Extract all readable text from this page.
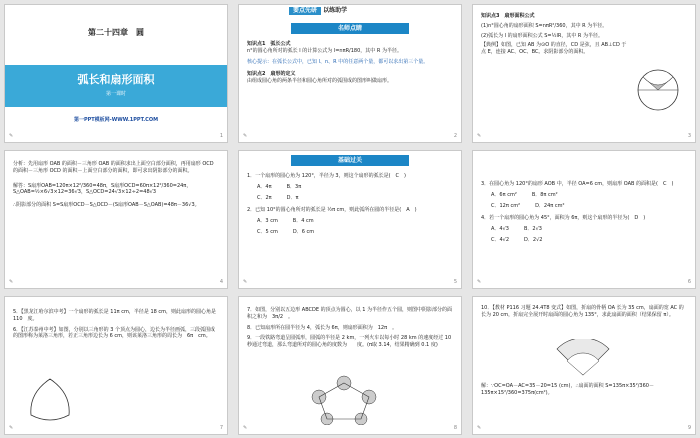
第二十四章　圆
弧长和扇形面积
第一课时
第一PPT模板网-WWW.1PPT.COM
✎	1
要点先研 以练助学
名师点睛
知识点1　弧长公式
n°的圆心角所对的弧长 l 的计算公式为 l=nπR/180，其中 R 为半径。
核心提示：在弧长公式中，已知 l、n、R 中的任意两个量，都可以求出第三个量。
知识点2　扇形的定义
由组成圆心角的两条半径和圆心角所对的弧围成的图形叫做扇形。
✎	2
知识点3　扇形面积公式
(1)n°圆心角的扇形面积 S=nπR²/360，其中 R 为半径。
(2)弧长为 l 的扇形面积公式 S=½lR，其中 R 为半径。
【典例】如图，已知 AB 为⊙O 的直径，CD 是弦，且 AB⊥CD 于点 E，连接 AC、OC、BC。求阴影部分的面积。
✎	3
分析：先用扇形 OAB 的面积－三角形 OAB 的面积求出上面空白部分面积，再用扇形 OCD 的面积－三角形 OCD 的面积－上面空白部分的面积，即可求出阴影部分的面积。
解答：S扇形OAB=120π×12²/360=48π，S扇形OCD=60π×12²/360=24π，S△OAB=½×6√3×12=36√3，S△OCD=24√3×12÷2=48√3
∴阴影部分的面积 S=S扇形OCD－S△OCD－(S扇形OAB－S△OAB)=48π－36√3。
✎	4
基础过关
1．一个扇形的圆心角为 120°，半径为 3，则这个扇形的弧长是(　C　)
A．4π　　　B．3π
C．2π　　　D．π
2．已知 10°的圆心角所对的弧长是 ½π cm，则此弧所在圆的半径是(　A　)
A．3 cm　　　B．4 cm
C．5 cm　　　D．6 cm
✎	5
3．在圆心角为 120°的扇形 AOB 中，半径 OA=6 cm，则扇形 OAB 的面积是(　C　)
A．6π cm²　　　B．8π cm²
C．12π cm²　　　D．24π cm²
4．若一个扇形的圆心角为 45°，面积为 6π，则这个扇形的半径为(　D　)
A．4√3　　　B．2√3
C．4√2　　　D．2√2
✎	6
5．【黑龙江哈尔滨中考】一个扇形的弧长是 11π cm，半径是 18 cm，则此扇形的圆心角是　110　度。
6．【江苏泰州中考】如图，分别以三角形的 3 个顶点为圆心，边长为半径画弧，三段弧围成的图形称为莱洛三角形，若正三角形边长为 6 cm，则该莱洛三角形的周长为　6π　cm。
✎	7
7．如图，分别以五边形 ABCDE 的顶点为圆心，以 1 为半径作五个圆，则图中阴影部分的面积之和为　3π/2　。
8．已知扇形所在圆半径为 4，弧长为 6π，则扇形面积为　12π　。
9．一段铁路弯道呈圆弧形，圆弧的半径是 2 km，一列火车以每小时 28 km 的速度经过 10 秒通过弯道，那么弯道所对的圆心角的度数为　　度。(π取 3.14，结果精确到 0.1 度)
✎	8
10．【教材 P116 习题 24.4T8 变式】如图，折扇的骨柄 OA 长为 35 cm，扇面的宽 AC 的长为 20 cm，折扇完全展开时扇面的圆心角为 135°，求此扇面的面积（结果保留 π）。
解：∵OC=OA－AC=35－20=15 (cm)，∴扇面的面积 S=135π×35²/360－135π×15²/360=375π(cm²)。
✎	9
